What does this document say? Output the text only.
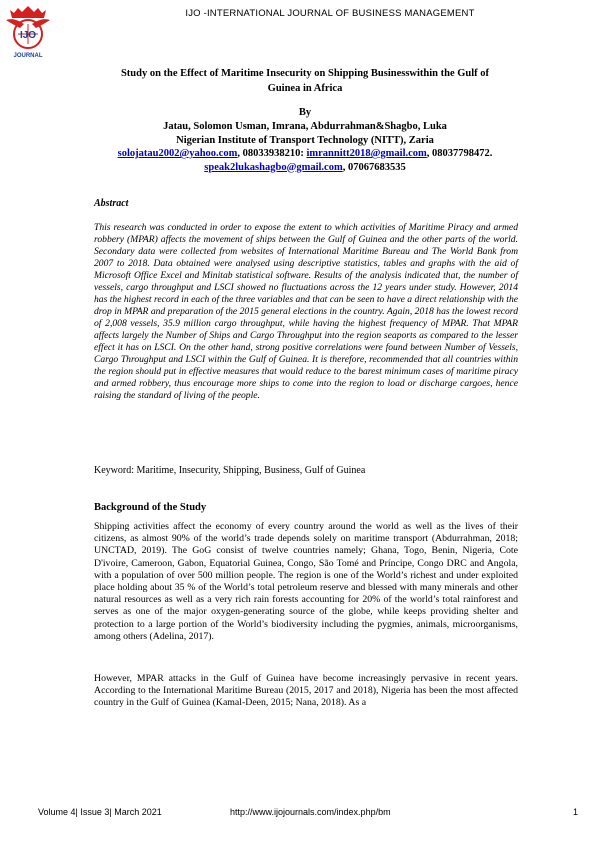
IJO
JOURNAL
IJO -INTERNATIONAL JOURNAL OF BUSINESS MANAGEMENT
Study on the Effect of Maritime Insecurity on Shipping Businesswithin the Gulf of
Guinea in Africa
By
Jatau, Solomon Usman, Imrana, Abdurrahman&Shagbo, Luka
Nigerian Institute of Transport Technology (NITT), Zaria
solojatau2002@yahoo.com, 08033938210: imrannitt2018@gmail.com, 08037798472.
speak2lukashagbo@gmail.com, 07067683535
Abstract
This research was conducted in order to expose the extent to which activities of Maritime Piracy and armed robbery (MPAR) affects the movement of ships between the Gulf of Guinea and the other parts of the world. Secondary data were collected from websites of International Maritime Bureau and The World Bank from 2007 to 2018. Data obtained were analysed using descriptive statistics, tables and graphs with the aid of Microsoft Office Excel and Minitab statistical software. Results of the analysis indicated that, the number of vessels, cargo throughput and LSCI showed no fluctuations across the 12 years under study. However, 2014 has the highest record in each of the three variables and that can be seen to have a direct relationship with the drop in MPAR and preparation of the 2015 general elections in the country. Again, 2018 has the lowest record of 2,008 vessels, 35.9 million cargo throughput, while having the highest frequency of MPAR. That MPAR affects largely the Number of Ships and Cargo Throughput into the region seaports as compared to the lesser effect it has on LSCI. On the other hand, strong positive correlations were found between Number of Vessels, Cargo Throughput and LSCI within the Gulf of Guinea. It is therefore, recommended that all countries within the region should put in effective measures that would reduce to the barest minimum cases of maritime piracy and armed robbery, thus encourage more ships to come into the region to load or discharge cargoes, hence raising the standard of living of the people.
Keyword: Maritime, Insecurity, Shipping, Business, Gulf of Guinea
Background of the Study
Shipping activities affect the economy of every country around the world as well as the lives of their citizens, as almost 90% of the world’s trade depends solely on maritime transport (Abdurrahman, 2018; UNCTAD, 2019). The GoG consist of twelve countries namely; Ghana, Togo, Benin, Nigeria, Cote D'ivoire, Cameroon, Gabon, Equatorial Guinea, Congo, São Tomé and Príncipe, Congo DRC and Angola, with a population of over 500 million people. The region is one of the World’s richest and under exploited place holding about 35 % of the World’s total petroleum reserve and blessed with many minerals and other natural resources as well as a very rich rain forests accounting for 20% of the world’s total rainforest and serves as one of the major oxygen-generating source of the globe, while keeps providing shelter and protection to a large portion of the World’s biodiversity including the pygmies, animals, microorganisms, among others (Adelina, 2017).
However, MPAR attacks in the Gulf of Guinea have become increasingly pervasive in recent years. According to the International Maritime Bureau (2015, 2017 and 2018), Nigeria has been the most affected country in the Gulf of Guinea (Kamal-Deen, 2015; Nana, 2018). As a
Volume 4| Issue 3| March 2021	http://www.ijojournals.com/index.php/bm	1
